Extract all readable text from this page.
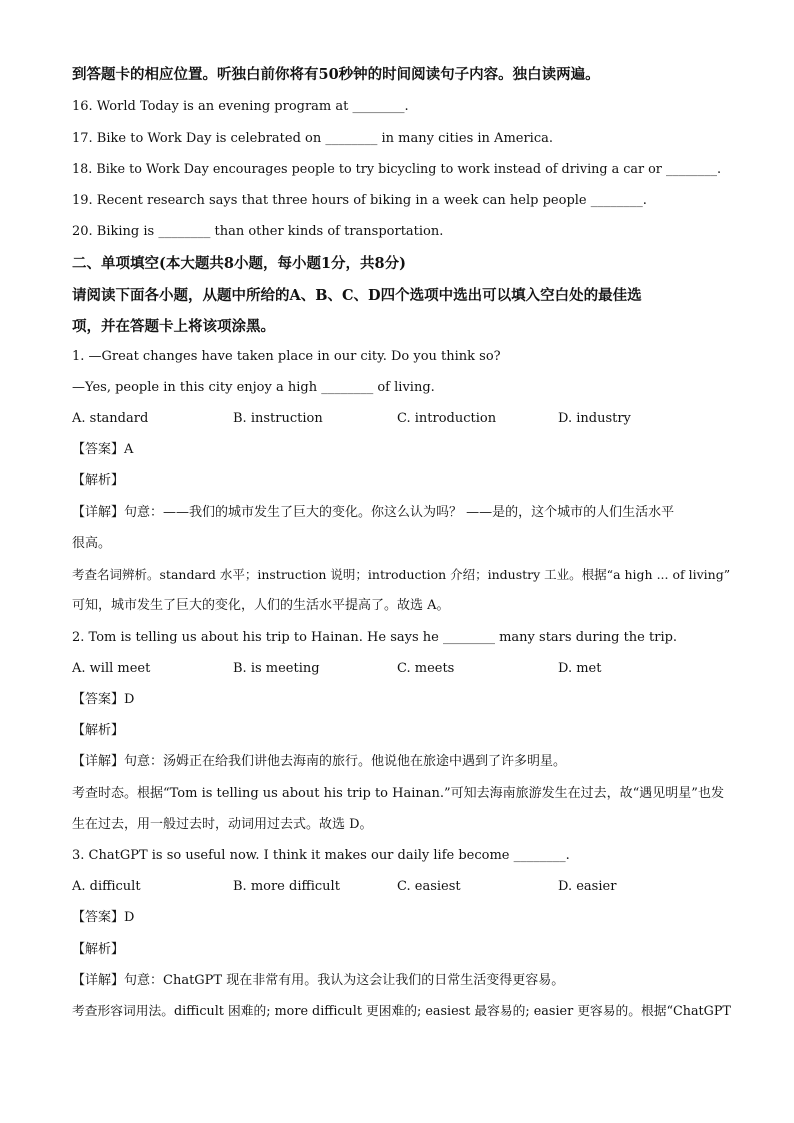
到答题卡的相应位置。听独白前你将有50秒钟的时间阅读句子内容。独白读两遍。
16. World Today is an evening program at ________.
17. Bike to Work Day is celebrated on ________ in many cities in America.
18. Bike to Work Day encourages people to try bicycling to work instead of driving a car or ________.
19. Recent research says that three hours of biking in a week can help people ________.
20. Biking is ________ than other kinds of transportation.
二、单项填空(本大题共8小题，每小题1分，共8分)
请阅读下面各小题，从题中所给的A、B、C、D四个选项中选出可以填入空白处的最佳选
项，并在答题卡上将该项涂黑。
1. —Great changes have taken place in our city. Do you think so?
—Yes, people in this city enjoy a high ________ of living.
A. standard	B. instruction	C. introduction	D. industry
【答案】A
【解析】
【详解】句意：——我们的城市发生了巨大的变化。你这么认为吗？ ——是的，这个城市的人们生活水平
很高。
考查名词辨析。standard 水平；instruction 说明；introduction 介绍；industry 工业。根据“a high ... of living”
可知，城市发生了巨大的变化，人们的生活水平提高了。故选 A。
2. Tom is telling us about his trip to Hainan. He says he ________ many stars during the trip.
A. will meet	B. is meeting	C. meets	D. met
【答案】D
【解析】
【详解】句意：汤姆正在给我们讲他去海南的旅行。他说他在旅途中遇到了许多明星。
考查时态。根据“Tom is telling us about his trip to Hainan.”可知去海南旅游发生在过去，故“遇见明星”也发
生在过去，用一般过去时，动词用过去式。故选 D。
3. ChatGPT is so useful now. I think it makes our daily life become ________.
A. difficult	B. more difficult	C. easiest	D. easier
【答案】D
【解析】
【详解】句意：ChatGPT 现在非常有用。我认为这会让我们的日常生活变得更容易。
考查形容词用法。difficult 困难的; more difficult 更困难的; easiest 最容易的; easier 更容易的。根据“ChatGPT
